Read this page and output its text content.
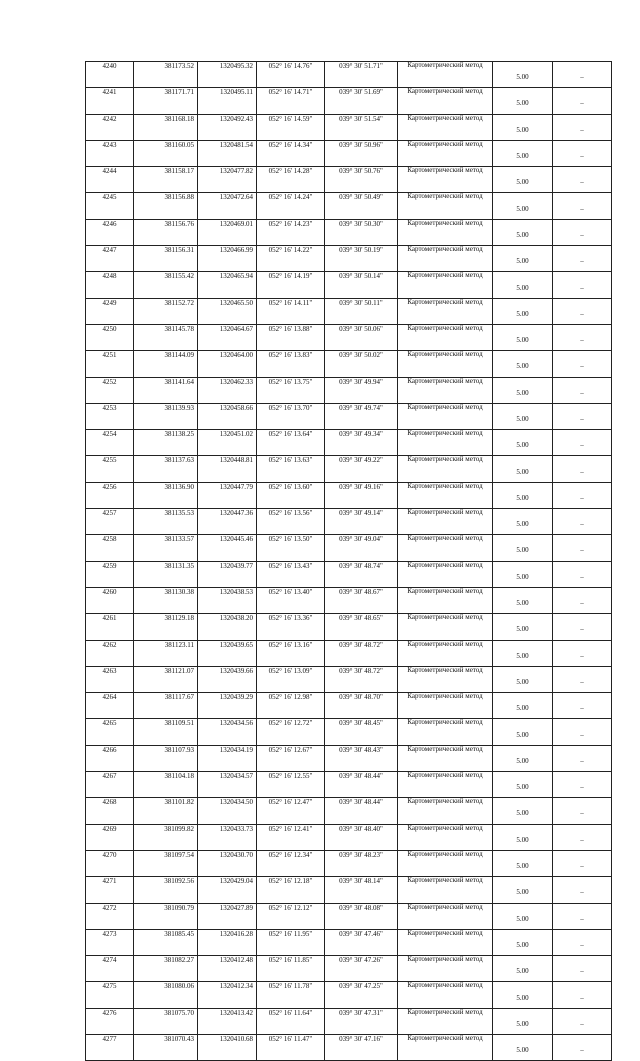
4240	381173.52	1320495.32	052° 16' 14.76"	039° 30' 51.71"	Картометрический метод	5.00	–
4241	381171.71	1320495.11	052° 16' 14.71"	039° 30' 51.69"	Картометрический метод	5.00	–
4242	381168.18	1320492.43	052° 16' 14.59"	039° 30' 51.54"	Картометрический метод	5.00	–
4243	381160.05	1320481.54	052° 16' 14.34"	039° 30' 50.96"	Картометрический метод	5.00	–
4244	381158.17	1320477.82	052° 16' 14.28"	039° 30' 50.76"	Картометрический метод	5.00	–
4245	381156.88	1320472.64	052° 16' 14.24"	039° 30' 50.49"	Картометрический метод	5.00	–
4246	381156.76	1320469.01	052° 16' 14.23"	039° 30' 50.30"	Картометрический метод	5.00	–
4247	381156.31	1320466.99	052° 16' 14.22"	039° 30' 50.19"	Картометрический метод	5.00	–
4248	381155.42	1320465.94	052° 16' 14.19"	039° 30' 50.14"	Картометрический метод	5.00	–
4249	381152.72	1320465.50	052° 16' 14.11"	039° 30' 50.11"	Картометрический метод	5.00	–
4250	381145.78	1320464.67	052° 16' 13.88"	039° 30' 50.06"	Картометрический метод	5.00	–
4251	381144.09	1320464.00	052° 16' 13.83"	039° 30' 50.02"	Картометрический метод	5.00	–
4252	381141.64	1320462.33	052° 16' 13.75"	039° 30' 49.94"	Картометрический метод	5.00	–
4253	381139.93	1320458.66	052° 16' 13.70"	039° 30' 49.74"	Картометрический метод	5.00	–
4254	381138.25	1320451.02	052° 16' 13.64"	039° 30' 49.34"	Картометрический метод	5.00	–
4255	381137.63	1320448.81	052° 16' 13.63"	039° 30' 49.22"	Картометрический метод	5.00	–
4256	381136.90	1320447.79	052° 16' 13.60"	039° 30' 49.16"	Картометрический метод	5.00	–
4257	381135.53	1320447.36	052° 16' 13.56"	039° 30' 49.14"	Картометрический метод	5.00	–
4258	381133.57	1320445.46	052° 16' 13.50"	039° 30' 49.04"	Картометрический метод	5.00	–
4259	381131.35	1320439.77	052° 16' 13.43"	039° 30' 48.74"	Картометрический метод	5.00	–
4260	381130.38	1320438.53	052° 16' 13.40"	039° 30' 48.67"	Картометрический метод	5.00	–
4261	381129.18	1320438.20	052° 16' 13.36"	039° 30' 48.65"	Картометрический метод	5.00	–
4262	381123.11	1320439.65	052° 16' 13.16"	039° 30' 48.72"	Картометрический метод	5.00	–
4263	381121.07	1320439.66	052° 16' 13.09"	039° 30' 48.72"	Картометрический метод	5.00	–
4264	381117.67	1320439.29	052° 16' 12.98"	039° 30' 48.70"	Картометрический метод	5.00	–
4265	381109.51	1320434.56	052° 16' 12.72"	039° 30' 48.45"	Картометрический метод	5.00	–
4266	381107.93	1320434.19	052° 16' 12.67"	039° 30' 48.43"	Картометрический метод	5.00	–
4267	381104.18	1320434.57	052° 16' 12.55"	039° 30' 48.44"	Картометрический метод	5.00	–
4268	381101.82	1320434.50	052° 16' 12.47"	039° 30' 48.44"	Картометрический метод	5.00	–
4269	381099.82	1320433.73	052° 16' 12.41"	039° 30' 48.40"	Картометрический метод	5.00	–
4270	381097.54	1320430.70	052° 16' 12.34"	039° 30' 48.23"	Картометрический метод	5.00	–
4271	381092.56	1320429.04	052° 16' 12.18"	039° 30' 48.14"	Картометрический метод	5.00	–
4272	381090.79	1320427.89	052° 16' 12.12"	039° 30' 48.08"	Картометрический метод	5.00	–
4273	381085.45	1320416.28	052° 16' 11.95"	039° 30' 47.46"	Картометрический метод	5.00	–
4274	381082.27	1320412.48	052° 16' 11.85"	039° 30' 47.26"	Картометрический метод	5.00	–
4275	381080.06	1320412.34	052° 16' 11.78"	039° 30' 47.25"	Картометрический метод	5.00	–
4276	381075.70	1320413.42	052° 16' 11.64"	039° 30' 47.31"	Картометрический метод	5.00	–
4277	381070.43	1320410.68	052° 16' 11.47"	039° 30' 47.16"	Картометрический метод	5.00	–
